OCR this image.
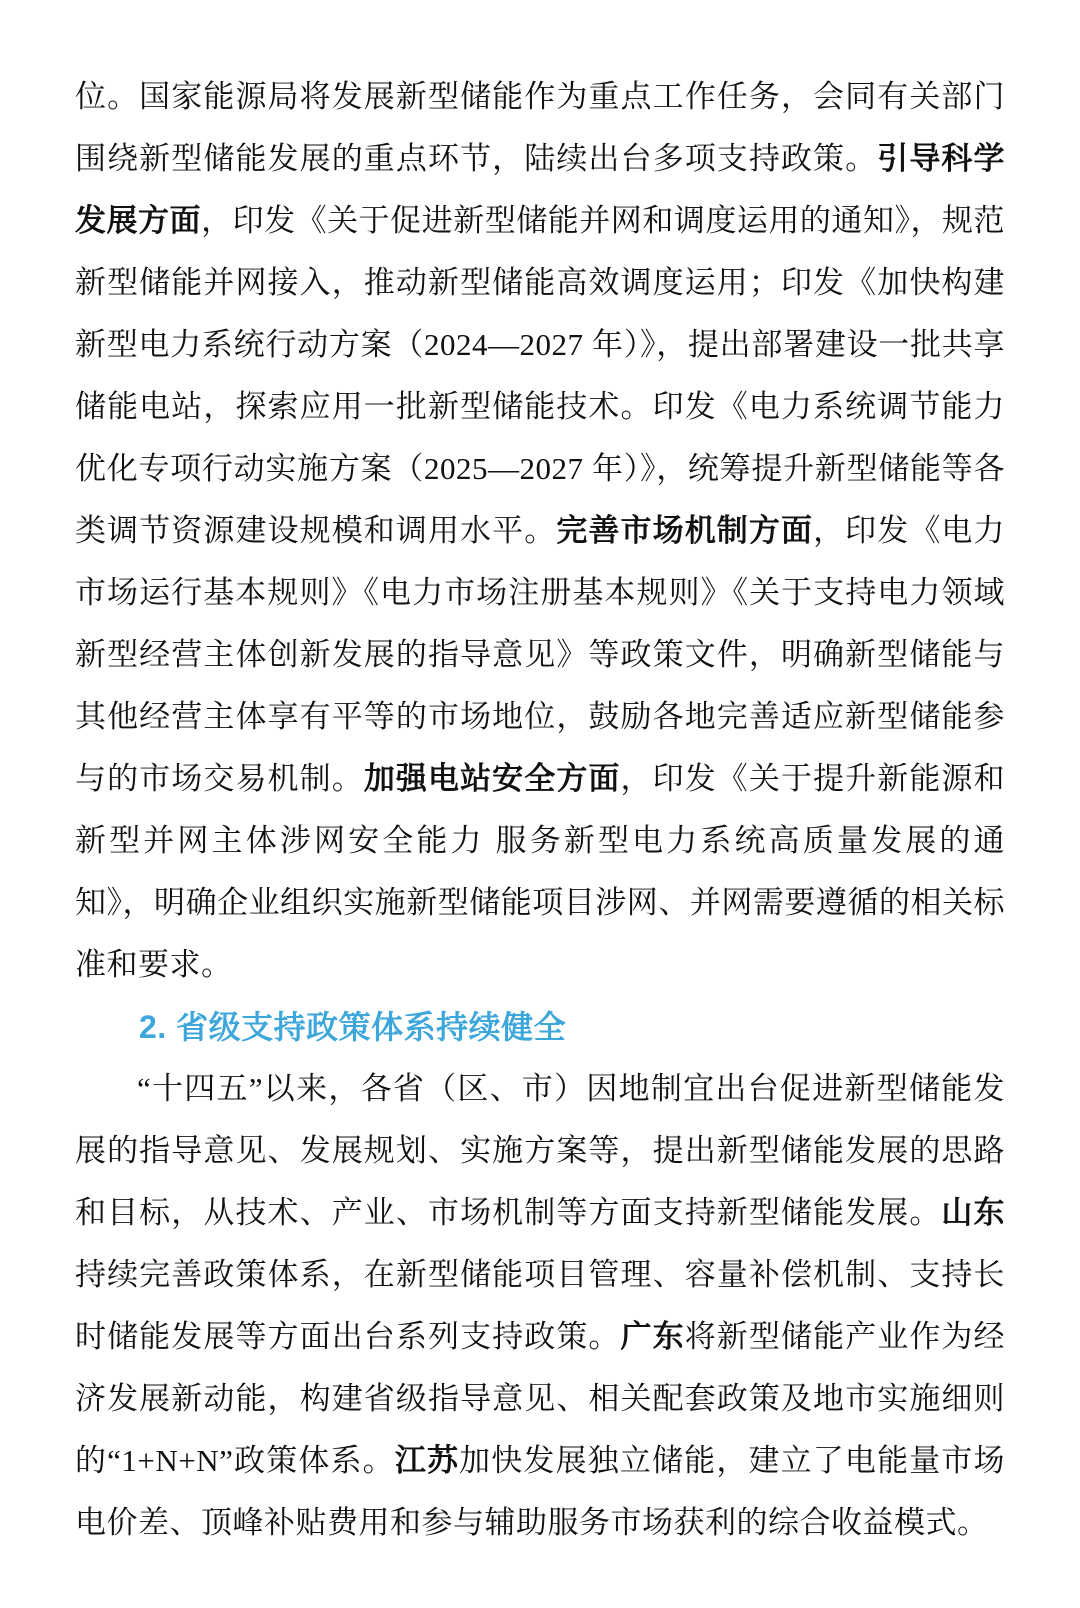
位。国家能源局将发展新型储能作为重点工作任务，会同有关部门围绕新型储能发展的重点环节，陆续出台多项支持政策。引导科学发展方面，印发《关于促进新型储能并网和调度运用的通知》，规范新型储能并网接入，推动新型储能高效调度运用；印发《加快构建新型电力系统行动方案（2024—2027 年）》，提出部署建设一批共享储能电站，探索应用一批新型储能技术。印发《电力系统调节能力优化专项行动实施方案（2025—2027 年）》，统筹提升新型储能等各类调节资源建设规模和调用水平。完善市场机制方面，印发《电力市场运行基本规则》《电力市场注册基本规则》《关于支持电力领域新型经营主体创新发展的指导意见》等政策文件，明确新型储能与其他经营主体享有平等的市场地位，鼓励各地完善适应新型储能参与的市场交易机制。加强电站安全方面，印发《关于提升新能源和新型并网主体涉网安全能力 服务新型电力系统高质量发展的通知》，明确企业组织实施新型储能项目涉网、并网需要遵循的相关标准和要求。

2. 省级支持政策体系持续健全

“十四五”以来，各省（区、市）因地制宜出台促进新型储能发展的指导意见、发展规划、实施方案等，提出新型储能发展的思路和目标，从技术、产业、市场机制等方面支持新型储能发展。山东持续完善政策体系，在新型储能项目管理、容量补偿机制、支持长时储能发展等方面出台系列支持政策。广东将新型储能产业作为经济发展新动能，构建省级指导意见、相关配套政策及地市实施细则的“1+N+N”政策体系。江苏加快发展独立储能，建立了电能量市场电价差、顶峰补贴费用和参与辅助服务市场获利的综合收益模式。
